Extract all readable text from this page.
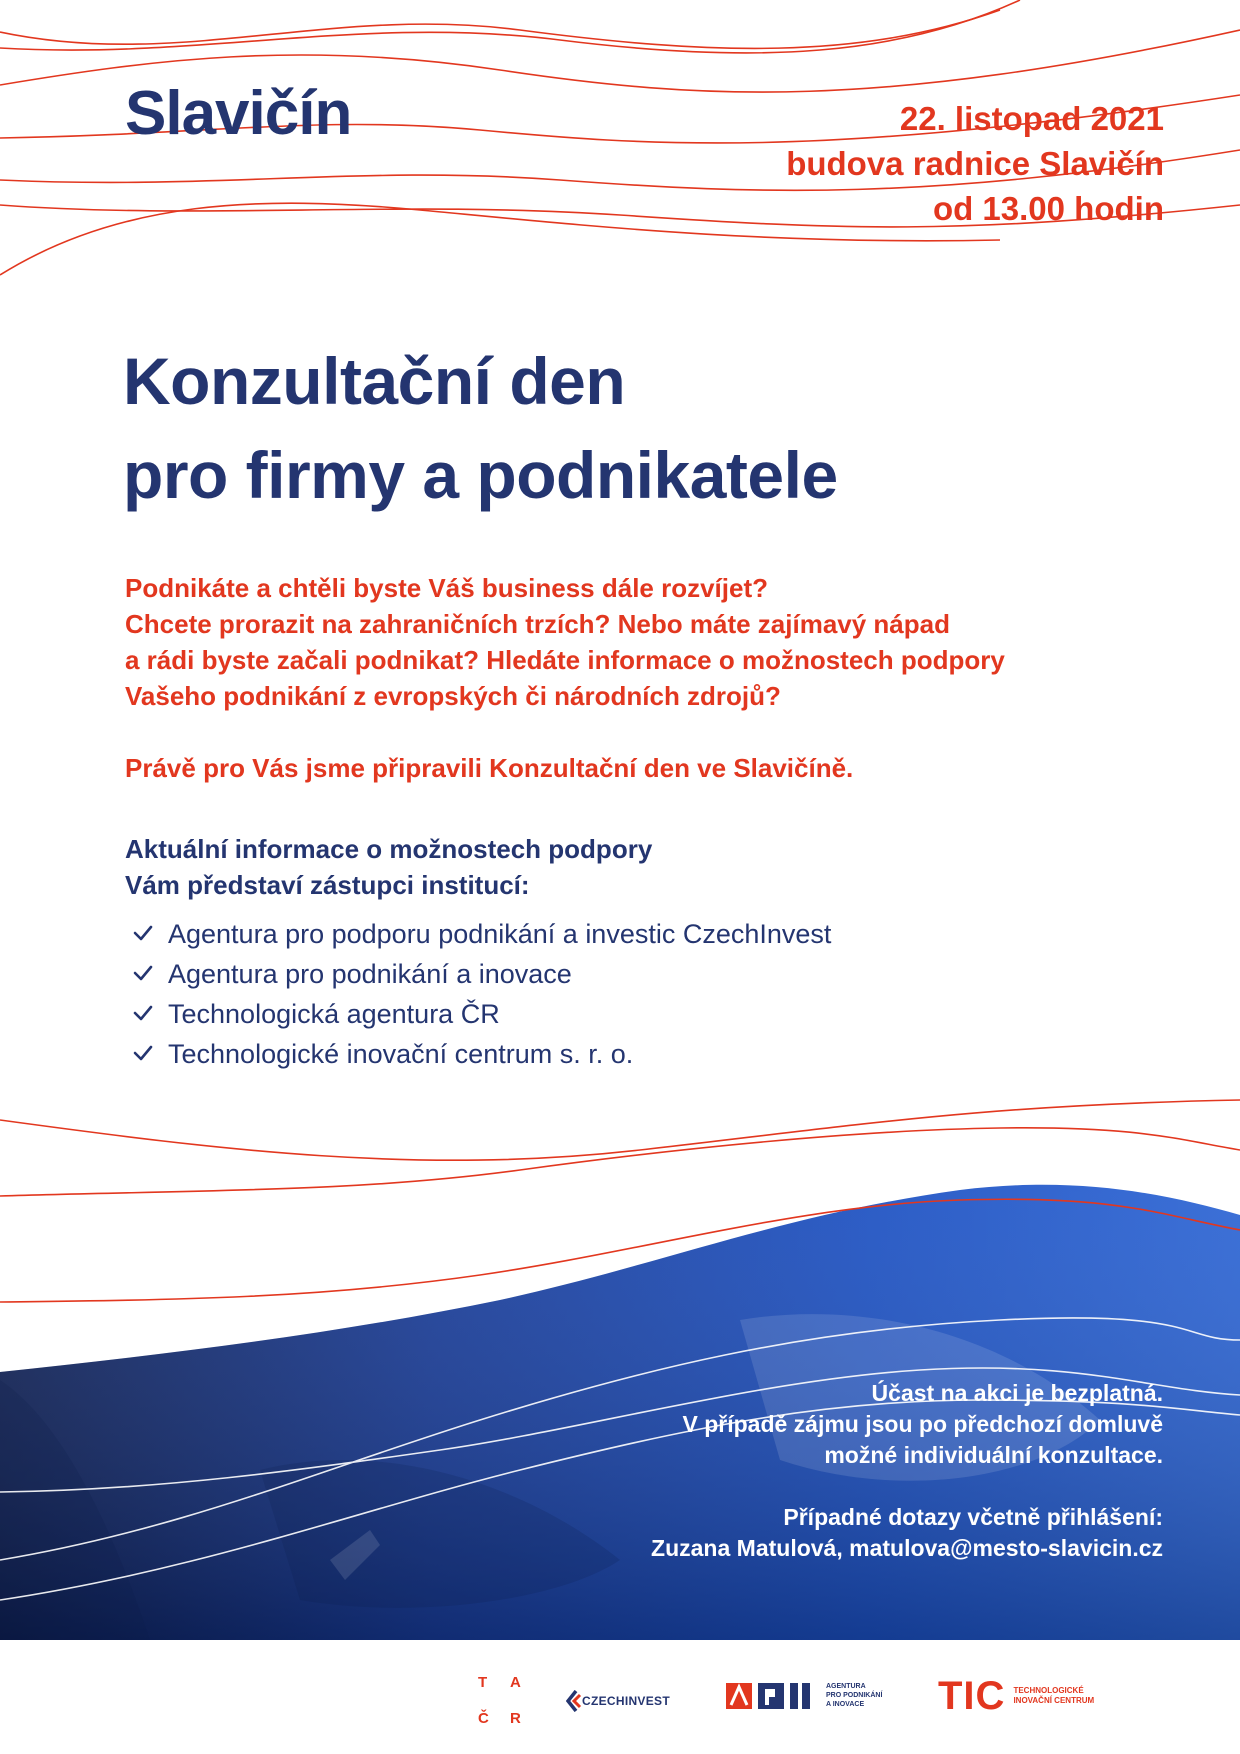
Slavičín	22. listopad 2021
budova radnice Slavičín
od 13.00 hodin
Konzultační den
pro firmy a podnikatele
Podnikáte a chtěli byste Váš business dále rozvíjet?
Chcete prorazit na zahraničních trzích? Nebo máte zajímavý nápad
a rádi byste začali podnikat? Hledáte informace o možnostech podpory
Vašeho podnikání z evropských či národních zdrojů?
Právě pro Vás jsme připravili Konzultační den ve Slavičíně.
Aktuální informace o možnostech podpory
Vám představí zástupci institucí:
Agentura pro podporu podnikání a investic CzechInvest
Agentura pro podnikání a inovace
Technologická agentura ČR
Technologické inovační centrum s. r. o.
Účast na akci je bezplatná.
V případě zájmu jsou po předchozí domluvě
možné individuální konzultace.
Případné dotazy včetně přihlášení:
Zuzana Matulová, matulova@mesto-slavicin.cz
T A
Č R
CZECHINVEST
AGENTURA
PRO PODNIKÁNÍ
A INOVACE	TIC TECHNOLOGICKÉ
INOVAČNÍ CENTRUM
